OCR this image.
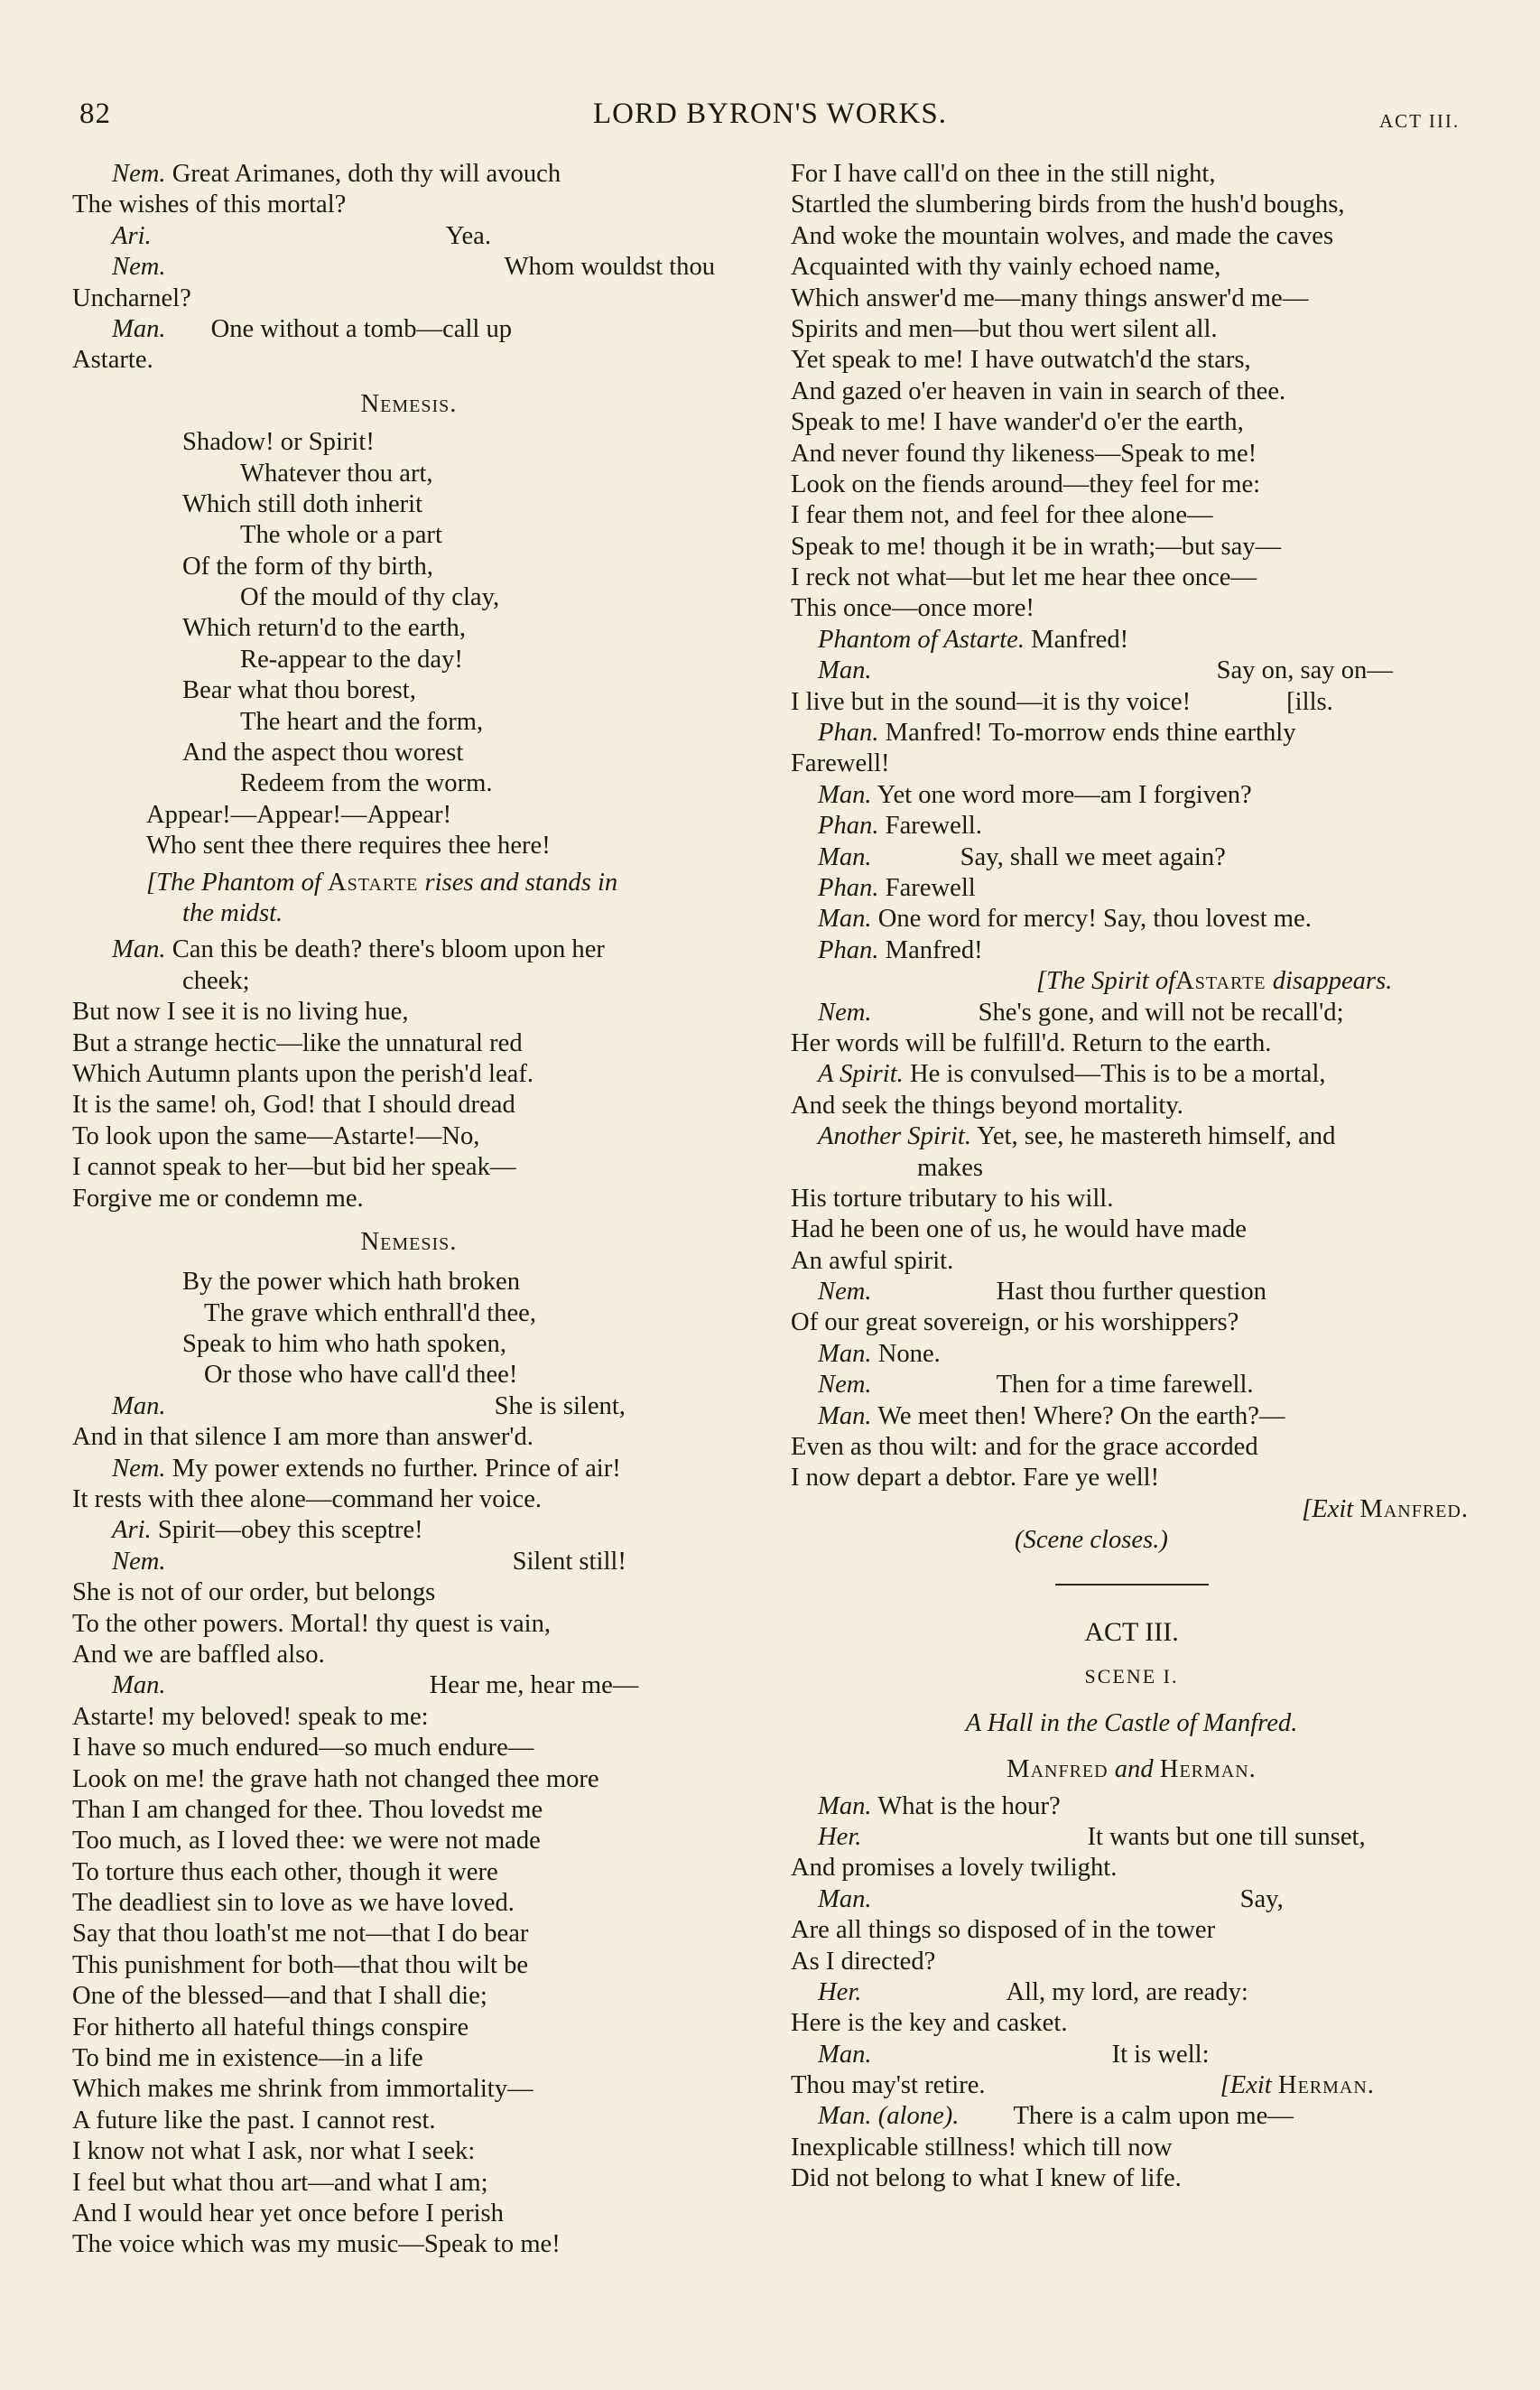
82	LORD BYRON'S WORKS.	ACT III.
Nem. Great Arimanes, doth thy will avouch
The wishes of this mortal?
Ari.	Yea.
Nem.	Whom wouldst thou
Uncharnel?
Man. One without a tomb—call up
Astarte.
Nemesis.
Shadow! or Spirit!
Whatever thou art,
Which still doth inherit
The whole or a part
Of the form of thy birth,
Of the mould of thy clay,
Which return'd to the earth,
Re-appear to the day!
Bear what thou borest,
The heart and the form,
And the aspect thou worest
Redeem from the worm.
Appear!—Appear!—Appear!
Who sent thee there requires thee here!
[The Phantom of Astarte rises and stands in
the midst.
Man. Can this be death? there's bloom upon her
cheek;
But now I see it is no living hue,
But a strange hectic—like the unnatural red
Which Autumn plants upon the perish'd leaf.
It is the same! oh, God! that I should dread
To look upon the same—Astarte!—No,
I cannot speak to her—but bid her speak—
Forgive me or condemn me.
Nemesis.
By the power which hath broken
The grave which enthrall'd thee,
Speak to him who hath spoken,
Or those who have call'd thee!
Man.	She is silent,
And in that silence I am more than answer'd.
Nem. My power extends no further. Prince of air!
It rests with thee alone—command her voice.
Ari. Spirit—obey this sceptre!
Nem.	Silent still!
She is not of our order, but belongs
To the other powers. Mortal! thy quest is vain,
And we are baffled also.
Man.	Hear me, hear me—
Astarte! my beloved! speak to me:
I have so much endured—so much endure—
Look on me! the grave hath not changed thee more
Than I am changed for thee. Thou lovedst me
Too much, as I loved thee: we were not made
To torture thus each other, though it were
The deadliest sin to love as we have loved.
Say that thou loath'st me not—that I do bear
This punishment for both—that thou wilt be
One of the blessed—and that I shall die;
For hitherto all hateful things conspire
To bind me in existence—in a life
Which makes me shrink from immortality—
A future like the past. I cannot rest.
I know not what I ask, nor what I seek:
I feel but what thou art—and what I am;
And I would hear yet once before I perish
The voice which was my music—Speak to me!
For I have call'd on thee in the still night,
Startled the slumbering birds from the hush'd boughs,
And woke the mountain wolves, and made the caves
Acquainted with thy vainly echoed name,
Which answer'd me—many things answer'd me—
Spirits and men—but thou wert silent all.
Yet speak to me! I have outwatch'd the stars,
And gazed o'er heaven in vain in search of thee.
Speak to me! I have wander'd o'er the earth,
And never found thy likeness—Speak to me!
Look on the fiends around—they feel for me:
I fear them not, and feel for thee alone—
Speak to me! though it be in wrath;—but say—
I reck not what—but let me hear thee once—
This once—once more!
Phantom of Astarte. Manfred!
Man.	Say on, say on—
I live but in the sound—it is thy voice!	[ills.
Phan. Manfred! To-morrow ends thine earthly
Farewell!
Man. Yet one word more—am I forgiven?
Phan. Farewell.
Man.	Say, shall we meet again?
Phan. Farewell
Man. One word for mercy! Say, thou lovest me.
Phan. Manfred!
[The Spirit ofAstarte disappears.
Nem.	She's gone, and will not be recall'd;
Her words will be fulfill'd. Return to the earth.
A Spirit. He is convulsed—This is to be a mortal,
And seek the things beyond mortality.
Another Spirit. Yet, see, he mastereth himself, and
makes
His torture tributary to his will.
Had he been one of us, he would have made
An awful spirit.
Nem.	Hast thou further question
Of our great sovereign, or his worshippers?
Man. None.
Nem.	Then for a time farewell.
Man. We meet then! Where? On the earth?—
Even as thou wilt: and for the grace accorded
I now depart a debtor. Fare ye well!
[Exit Manfred.
(Scene closes.)
ACT III.
SCENE I.
A Hall in the Castle of Manfred.
Manfred and Herman.
Man. What is the hour?
Her.	It wants but one till sunset,
And promises a lovely twilight.
Man.	Say,
Are all things so disposed of in the tower
As I directed?
Her.	All, my lord, are ready:
Here is the key and casket.
Man.	It is well:
Thou may'st retire.	[Exit Herman.
Man. (alone). There is a calm upon me—
Inexplicable stillness! which till now
Did not belong to what I knew of life.
